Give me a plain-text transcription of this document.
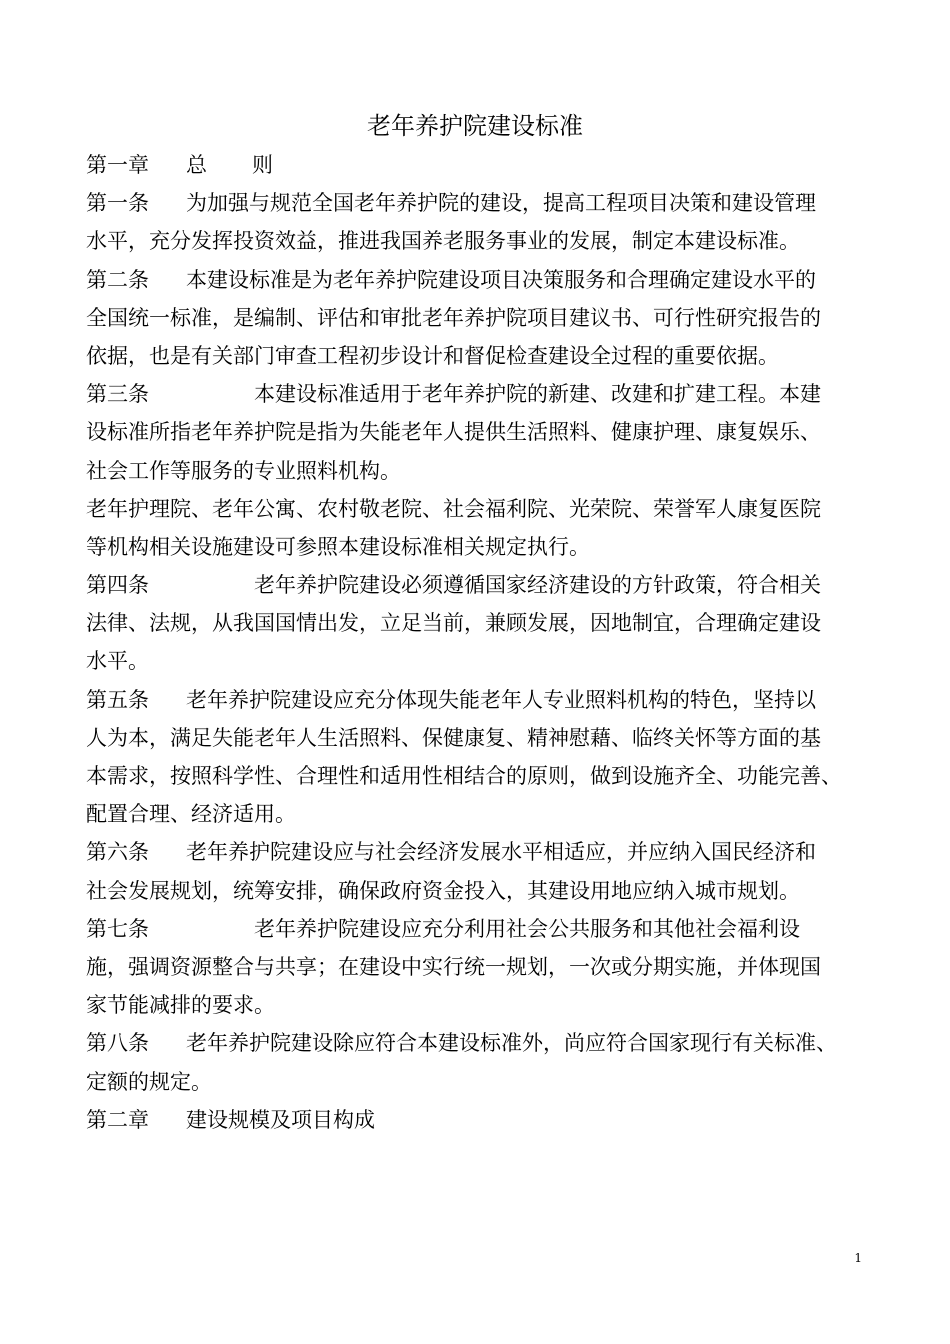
老年养护院建设标准
第一章 总 则
第一条 为加强与规范全国老年养护院的建设，提高工程项目决策和建设管理
水平，充分发挥投资效益，推进我国养老服务事业的发展，制定本建设标准。
第二条 本建设标准是为老年养护院建设项目决策服务和合理确定建设水平的
全国统一标准，是编制、评估和审批老年养护院项目建议书、可行性研究报告的
依据，也是有关部门审查工程初步设计和督促检查建设全过程的重要依据。
第三条	本建设标准适用于老年养护院的新建、改建和扩建工程。本建
设标准所指老年养护院是指为失能老年人提供生活照料、健康护理、康复娱乐、
社会工作等服务的专业照料机构。
老年护理院、老年公寓、农村敬老院、社会福利院、光荣院、荣誉军人康复医院
等机构相关设施建设可参照本建设标准相关规定执行。
第四条	老年养护院建设必须遵循国家经济建设的方针政策，符合相关
法律、法规，从我国国情出发，立足当前，兼顾发展，因地制宜，合理确定建设
水平。
第五条 老年养护院建设应充分体现失能老年人专业照料机构的特色，坚持以
人为本，满足失能老年人生活照料、保健康复、精神慰藉、临终关怀等方面的基
本需求，按照科学性、合理性和适用性相结合的原则，做到设施齐全、功能完善、
配置合理、经济适用。
第六条 老年养护院建设应与社会经济发展水平相适应，并应纳入国民经济和
社会发展规划，统筹安排，确保政府资金投入，其建设用地应纳入城市规划。
第七条	老年养护院建设应充分利用社会公共服务和其他社会福利设
施，强调资源整合与共享；在建设中实行统一规划，一次或分期实施，并体现国
家节能减排的要求。
第八条 老年养护院建设除应符合本建设标准外，尚应符合国家现行有关标准、
定额的规定。
第二章 建设规模及项目构成
1
